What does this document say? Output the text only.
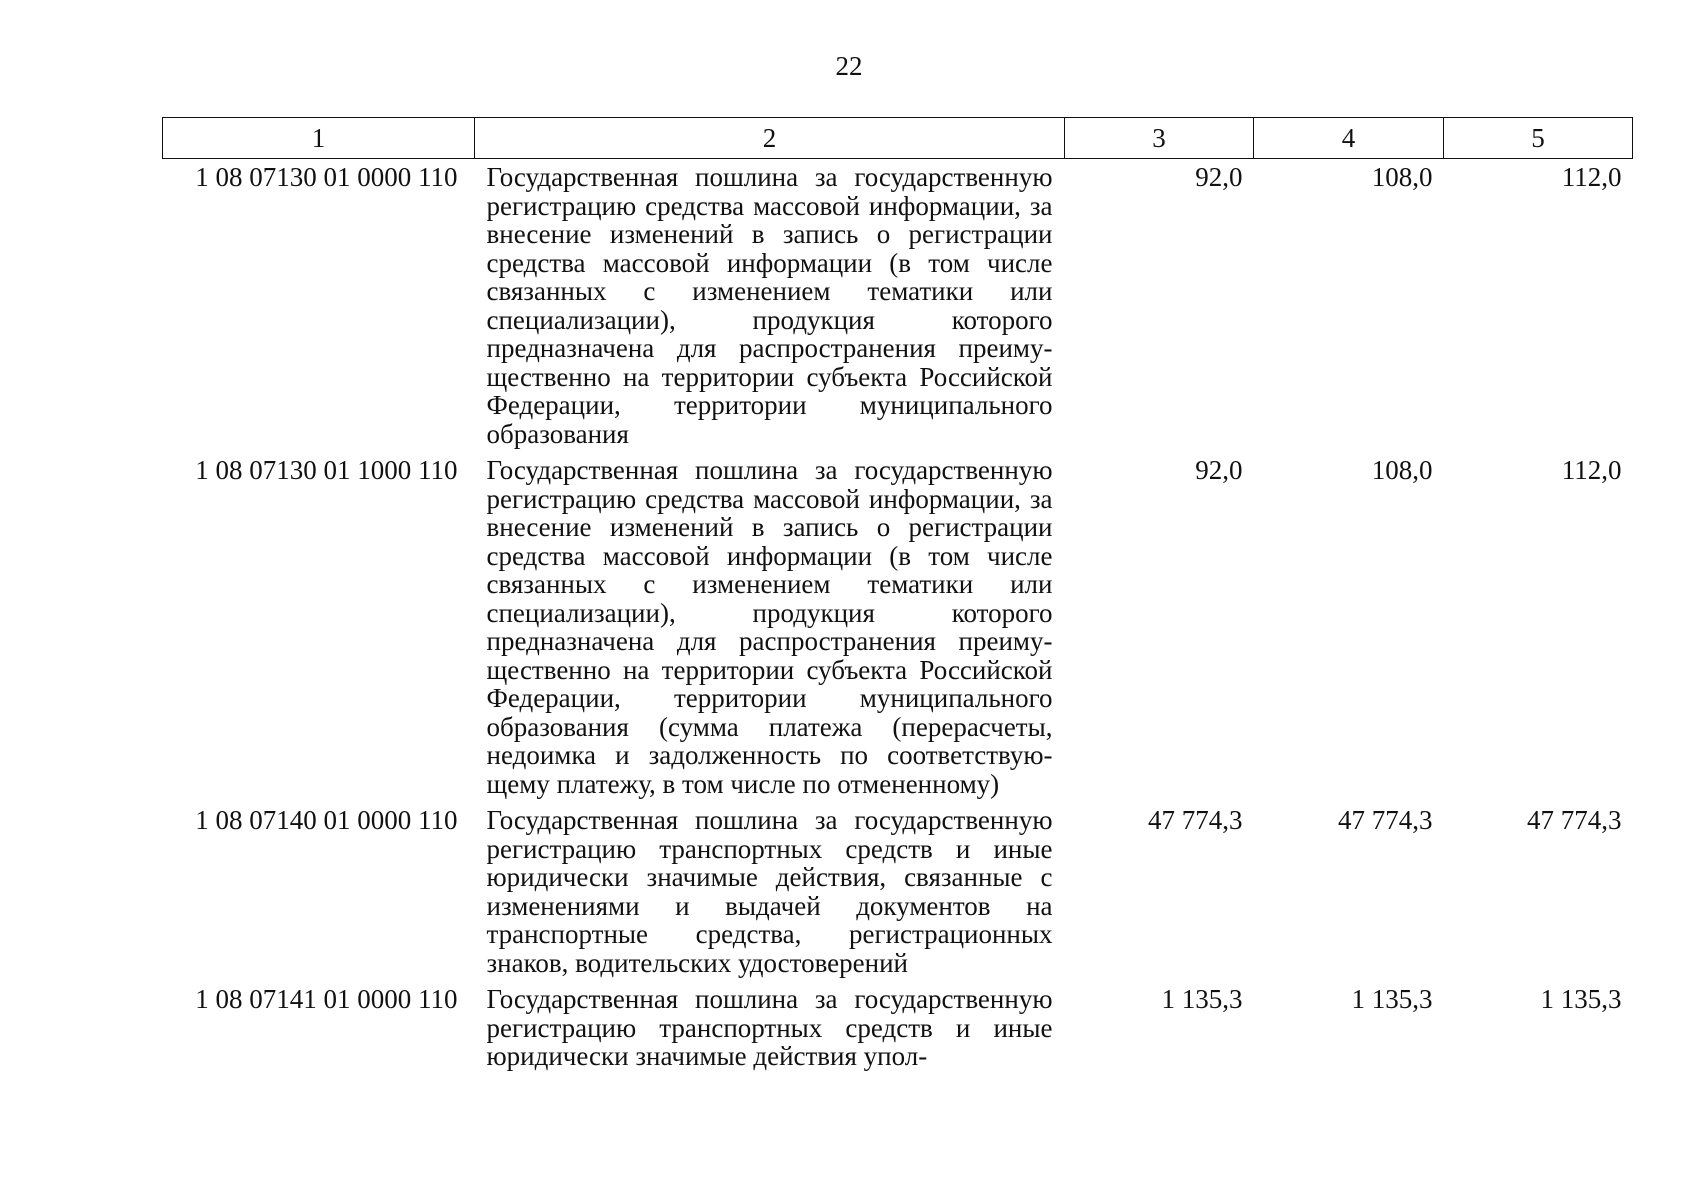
22
1	2	3	4	5
1 08 07130 01 0000 110	Государственная пошлина за государственную регистрацию средства массовой информации, за внесение изменений в запись о регистрации средства массовой информации (в том числе связанных с изменением тематики или специализации), продукция которого предназначена для распространения преимущественно на территории субъекта Российской Федерации, территории муниципального образования	92,0	108,0	112,0
1 08 07130 01 1000 110	Государственная пошлина за государственную регистрацию средства массовой информации, за внесение изменений в запись о регистрации средства массовой информации (в том числе связанных с изменением тематики или специализации), продукция которого предназначена для распространения преимущественно на территории субъекта Российской Федерации, территории муниципального образования (сумма платежа (перерасчеты, недоимка и задолженность по соответствующему платежу, в том числе по отмененному)	92,0	108,0	112,0
1 08 07140 01 0000 110	Государственная пошлина за государственную регистрацию транспортных средств и иные юридически значимые действия, связанные с изменениями и выдачей документов на транспортные средства, регистрационных знаков, водительских удостоверений	47 774,3	47 774,3	47 774,3
1 08 07141 01 0000 110	Государственная пошлина за государственную регистрацию транспортных средств и иные юридически значимые действия упол-	1 135,3	1 135,3	1 135,3
